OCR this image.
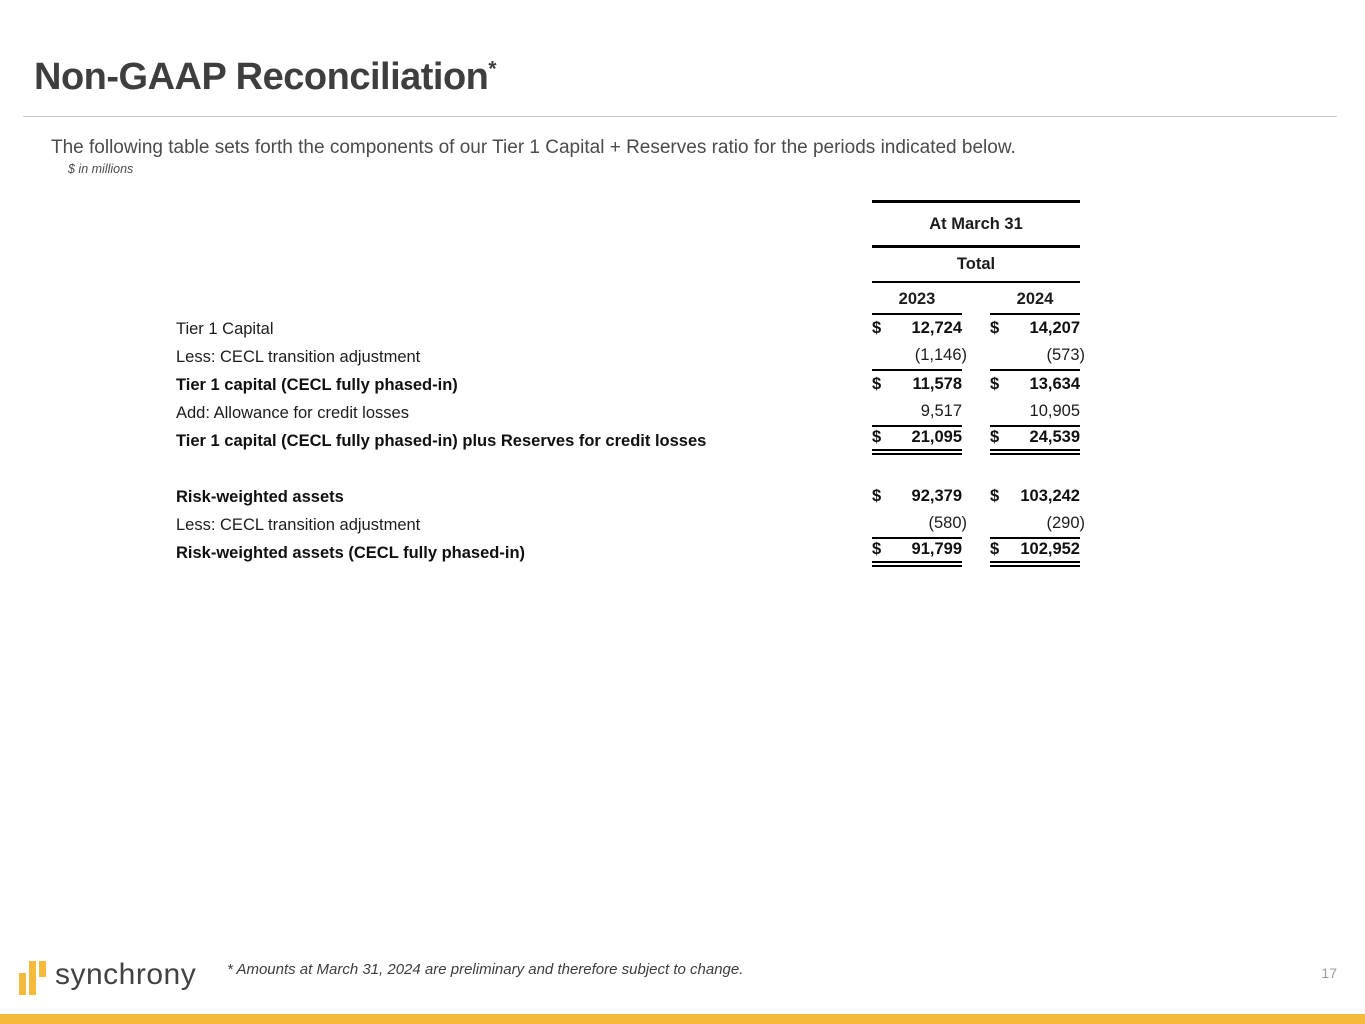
Non-GAAP Reconciliation*
The following table sets forth the components of our Tier 1 Capital + Reserves ratio for the periods indicated below.
$ in millions
At March 31
Total
2023	2024
Tier 1 Capital	$ 12,724 $ 14,207
Less: CECL transition adjustment	(1,146)	(573)
Tier 1 capital (CECL fully phased-in)	$ 11,578 $ 13,634
Add: Allowance for credit losses	9,517	10,905
Tier 1 capital (CECL fully phased-in) plus Reserves for credit losses	$ 21,095 $ 24,539
Risk-weighted assets	$ 92,379 $ 103,242
Less: CECL transition adjustment	(580)	(290)
Risk-weighted assets (CECL fully phased-in)	$ 91,799 $ 102,952
synchrony * Amounts at March 31, 2024 are preliminary and therefore subject to change.	17
